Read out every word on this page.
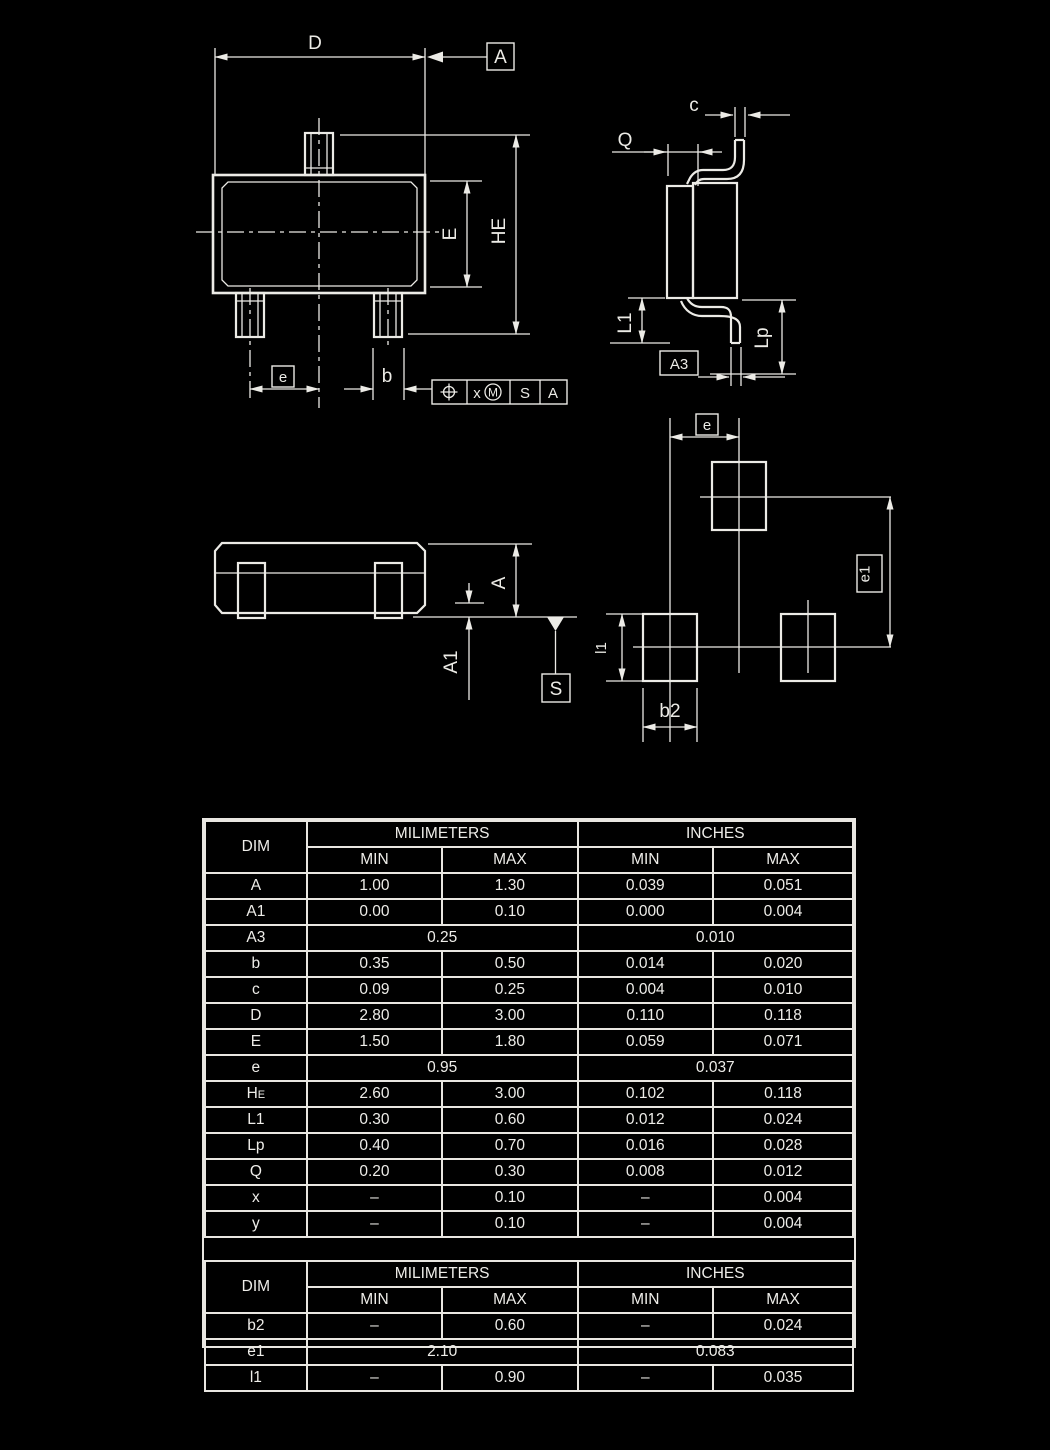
D
A
E HE
e	b
x M S A
c
Q
L1
Lp
A3
A
A1
S
e
e1
l1
b2
DIM	MILIMETERS		INCHES	
	MIN	MAX	MIN	MAX
A	1.00	1.30	0.039	0.051
A1	0.00	0.10	0.000	0.004
A3	0.25		0.010	
b	0.35	0.50	0.014	0.020
c	0.09	0.25	0.004	0.010
D	2.80	3.00	0.110	0.118
E	1.50	1.80	0.059	0.071
e	0.95		0.037	
HE	2.60	3.00	0.102	0.118
L1	0.30	0.60	0.012	0.024
Lp	0.40	0.70	0.016	0.028
Q	0.20	0.30	0.008	0.012
x	–	0.10	–	0.004
y	–	0.10	–	0.004
DIM	MILIMETERS		INCHES	
	MIN	MAX	MIN	MAX
b2	–	0.60	–	0.024
e1	2.10		0.083	
l1	–	0.90	–	0.035
